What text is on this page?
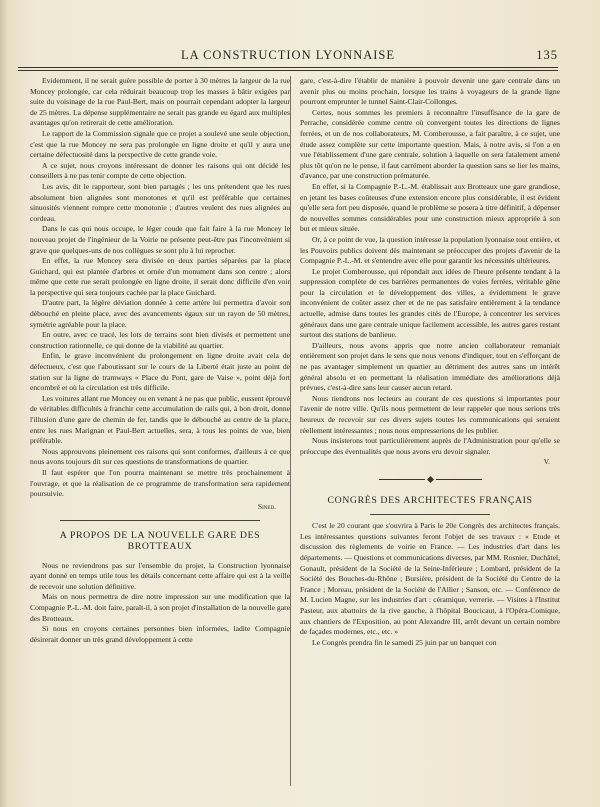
LA CONSTRUCTION LYONNAISE	135

Evidemment, il ne serait guère possible de porter à 30 mètres la largeur de la rue Moncey prolongée, car cela réduirait beaucoup trop les masses à bâtir exigées par suite du voisinage de la rue Paul-Bert, mais on pourrait cependant adopter la largeur de 25 mètres. La dépense supplémentaire ne serait pas grande eu égard aux multiples avantages qu'on retirerait de cette amélioration.

Le rapport de la Commission signale que ce projet a soulevé une seule objection, c'est que la rue Moncey ne sera pas prolongée en ligne droite et qu'il y aura une certaine défectuosité dans la perspective de cette grande voie.

A ce sujet, nous croyons intéressant de donner les raisons qui ont décidé les conseillers à ne pas tenir compte de cette objection.

Les avis, dit le rapporteur, sont bien partagés ; les uns prétendent que les rues absolument bien alignées sont monotones et qu'il est préférable que certaines sinuosités viennent rompre cette monotonie ; d'autres veulent des rues alignées au cordeau.

Dans le cas qui nous occupe, le léger coude que fait faire à la rue Moncey le nouveau projet de l'ingénieur de la Voirie ne présente peut-être pas l'inconvénient si grave que quelques-uns de nos collègues se sont plu à lui reprocher.

En effet, la rue Moncey sera divisée en deux parties séparées par la place Guichard, qui est plantée d'arbres et ornée d'un monument dans son centre ; alors même que cette rue serait prolongée en ligne droite, il serait donc difficile d'en voir la perspective qui sera toujours cachée par la place Guichard.

D'autre part, la légère déviation donnée à cette artère lui permettra d'avoir son débouché en pleine place, avec des avancements égaux sur un rayon de 50 mètres, symétrie agréable pour la place.

En outre, avec ce tracé, les lots de terrains sont bien divisés et permettent une construction rationnelle, ce qui donne de la viabilité au quartier.

Enfin, le grave inconvénient du prolongement en ligne droite avait cela de défectueux, c'est que l'aboutissant sur le cours de la Liberté était juste au point de station sur la ligne de tramways « Place du Pont, gare de Vaise », point déjà fort encombré et où la circulation est très difficile.

Les voitures allant rue Moncey ou en venant à ne pas que public, eussent éprouvé de véritables difficultés à franchir cette accumulation de rails qui, à bon droit, donne l'illusion d'une gare de chemin de fer, tandis que le débouché au centre de la place, entre les rues Marignan et Paul-Bert actuelles, sera, à tous les points de vue, bien préférable.

Nous approuvons pleinement ces raisons qui sont conformes, d'ailleurs à ce que nous avons toujours dit sur ces questions de transformations de quartier.

Il faut espérer que l'on pourra maintenant se mettre très prochainement à l'ouvrage, et que la réalisation de ce programme de transformation sera rapidement poursuivie.

Sined.
A PROPOS DE LA NOUVELLE GARE DES BROTTEAUX

Nous ne reviendrons pas sur l'ensemble du projet, la Construction lyonnaise ayant donné en temps utile tous les détails concernant cette affaire qui est à la veille de recevoir une solution définitive.

Mais on nous permettra de dire notre impression sur une modification que la Compagnie P.-L.-M. doit faire, paraît-il, à son projet d'installation de la nouvelle gare des Brotteaux.

Si nous en croyons certaines personnes bien informées, ladite Compagnie désirerait donner un très grand développement à cette

gare, c'est-à-dire l'établir de manière à pouvoir devenir une gare centrale dans un avenir plus ou moins prochain, lorsque les trains à voyageurs de la grande ligne pourront emprunter le tunnel Saint-Clair-Collonges.

Certes, nous sommes les premiers à reconnaître l'insuffisance de la gare de Perrache, considérée comme centre où convergent toutes les directions de lignes ferrées, et un de nos collaborateurs, M. Comberousse, a fait paraître, à ce sujet, une étude assez complète sur cette importante question. Mais, à notre avis, si l'on a en vue l'établissement d'une gare centrale, solution à laquelle on sera fatalement amené plus tôt qu'on ne le pense, il faut carrément aborder la question sans se lier les mains, d'avance, par une construction prématurée.

En effet, si la Compagnie P.-L.-M. établissait aux Brotteaux une gare grandiose, en jetant les bases coûteuses d'une extension encore plus considérable, il est évident qu'elle sera fort peu disposée, quand le problème se posera à titre définitif, à dépenser de nouvelles sommes considérables pour une construction mieux appropriée à son but et mieux située.

Or, à ce point de vue, la question intéresse la population lyonnaise tout entière, et les Pouvoirs publics doivent dès maintenant se préoccuper des projets d'avenir de la Compagnie P.-L.-M. et s'entendre avec elle pour garantir les nécessités ultérieures.

Le projet Comberousse, qui répondait aux idées de l'heure présente tendant à la suppression complète de ces barrières permanentes de voies ferrées, véritable gêne pour la circulation et le développement des villes, a évidemment le grave inconvénient de coûter assez cher et de ne pas satisfaire entièrement à la tendance actuelle, admise dans toutes les grandes cités de l'Europe, à concentrer les services généraux dans une gare centrale unique facilement accessible, les autres gares restant surtout des stations de banlieue.

D'ailleurs, nous avons appris que notre ancien collaborateur remaniait entièrement son projet dans le sens que nous venons d'indiquer, tout en s'efforçant de ne pas avantager simplement un quartier au détriment des autres sans un intérêt général absolu et en permettant la réalisation immédiate des améliorations déjà prévues, c'est-à-dire sans leur causer aucun retard.

Nous tiendrons nos lecteurs au courant de ces questions si importantes pour l'avenir de notre ville. Qu'ils nous permettent de leur rappeler que nous serions très heureux de recevoir sur ces divers sujets toutes les communications qui seraient réellement intéressantes ; nous nous empresserions de les publier.

Nous insisterons tout particulièrement auprès de l'Administration pour qu'elle se préoccupe des éventualités que nous avons eru devoir signaler.

V.
CONGRÈS DES ARCHITECTES FRANÇAIS

C'est le 20 courant que s'ouvrira à Paris le 20e Congrès des architectes français. Les intéressantes questions suivantes feront l'objet de ses travaux : « Etude et discussion des règlements de voirie en France. — Les industries d'art dans les départements. — Questions et communications diverses, par MM. Rosnier, Duchâtel, Gonault, président de la Société de la Seine-Inférieure ; Lombard, président de la Société des Bouches-du-Rhône ; Bursière, président de la Société du Centre de la France ; Moreau, président de la Société de l'Allier ; Sanson, etc. — Conférence de M. Lucien Magne, sur les industries d'art : céramique, verrerie. — Visites à l'Institut Pasteur, aux abattoirs de la rive gauche, à l'hôpital Boucicaut, à l'Opéra-Comique, aux chantiers de l'Exposition, au pont Alexandre III, arrêt devant un certain nombre de façades modernes, etc., etc. »

Le Congrès prendra fin le samedi 25 juin par un banquet con
